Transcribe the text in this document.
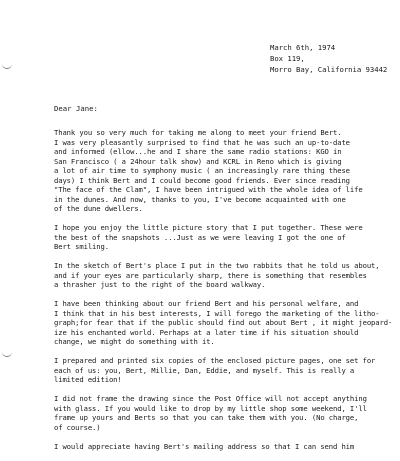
March 6th, 1974
Box 119,
Morro Bay, California 93442
Dear Jane:
Thank you so very much for taking me along to meet your friend Bert.
I was very pleasantly surprised to find that he was such an up-to-date
and informed (ellow...he and I share the same radio stations: KGO in
San Francisco ( a 24hour talk show) and KCRL in Reno which is giving
a lot of air time to symphony music ( an increasingly rare thing these
days) I think Bert and I could become good friends. Ever since reading
"The face of the Clam", I have been intrigued with the whole idea of life
in the dunes. And now, thanks to you, I've become acquainted with one
of the dune dwellers.
I hope you enjoy the little picture story that I put together. These were
the best of the snapshots ...Just as we were leaving I got the one of
Bert smiling.
In the sketch of Bert's place I put in the two rabbits that he told us about,
and if your eyes are particularly sharp, there is something that resembles
a thrasher just to the right of the board walkway.
I have been thinking about our friend Bert and his personal welfare, and
I think that in his best interests, I will forego the marketing of the litho-
graph;for fear that if the public should find out about Bert , it might jeopard-
ize his enchanted world. Perhaps at a later time if his situation should
change, we might do something with it.
I prepared and printed six copies of the enclosed picture pages, one set for
each of us: you, Bert, Millie, Dan, Eddie, and myself. This is really a
limited edition!
I did not frame the drawing since the Post Office will not accept anything
with glass. If you would like to drop by my little shop some weekend, I'll
frame up yours and Berts so that you can take them with you. (No charge,
of course.)
I would appreciate having Bert's mailing address so that I can send him
